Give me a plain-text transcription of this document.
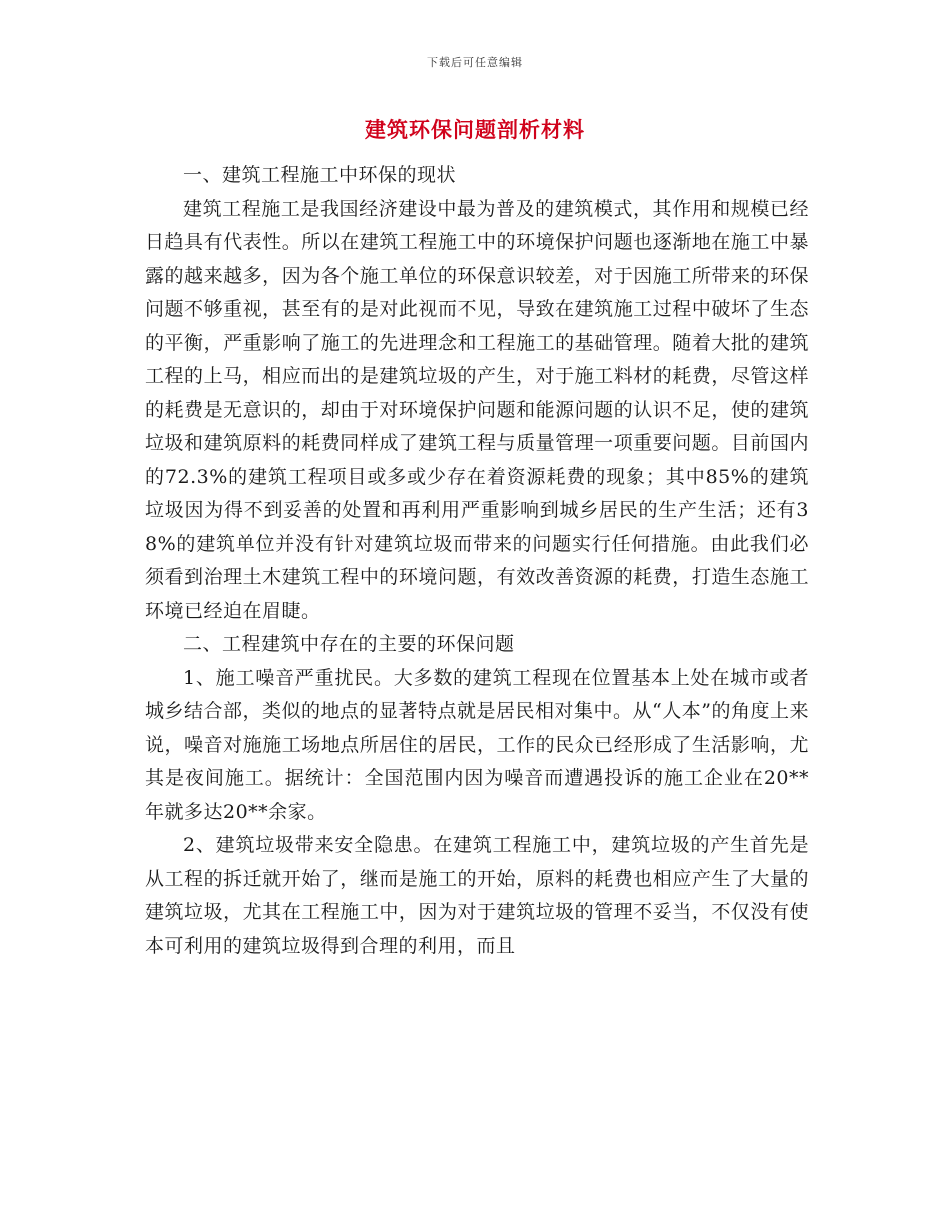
下载后可任意编辑
建筑环保问题剖析材料

一、建筑工程施工中环保的现状

建筑工程施工是我国经济建设中最为普及的建筑模式，其作用和规模已经日趋具有代表性。所以在建筑工程施工中的环境保护问题也逐渐地在施工中暴露的越来越多，因为各个施工单位的环保意识较差，对于因施工所带来的环保问题不够重视，甚至有的是对此视而不见，导致在建筑施工过程中破坏了生态的平衡，严重影响了施工的先进理念和工程施工的基础管理。随着大批的建筑工程的上马，相应而出的是建筑垃圾的产生，对于施工料材的耗费，尽管这样的耗费是无意识的，却由于对环境保护问题和能源问题的认识不足，使的建筑垃圾和建筑原料的耗费同样成了建筑工程与质量管理一项重要问题。目前国内的72.3%的建筑工程项目或多或少存在着资源耗费的现象；其中85%的建筑垃圾因为得不到妥善的处置和再利用严重影响到城乡居民的生产生活；还有38%的建筑单位并没有针对建筑垃圾而带来的问题实行任何措施。由此我们必须看到治理土木建筑工程中的环境问题，有效改善资源的耗费，打造生态施工环境已经迫在眉睫。

二、工程建筑中存在的主要的环保问题

1、施工噪音严重扰民。大多数的建筑工程现在位置基本上处在城市或者城乡结合部，类似的地点的显著特点就是居民相对集中。从“人本”的角度上来说，噪音对施施工场地点所居住的居民，工作的民众已经形成了生活影响，尤其是夜间施工。据统计：全国范围内因为噪音而遭遇投诉的施工企业在20**年就多达20**余家。

2、建筑垃圾带来安全隐患。在建筑工程施工中，建筑垃圾的产生首先是从工程的拆迁就开始了，继而是施工的开始，原料的耗费也相应产生了大量的建筑垃圾，尤其在工程施工中，因为对于建筑垃圾的管理不妥当，不仅没有使本可利用的建筑垃圾得到合理的利用，而且
